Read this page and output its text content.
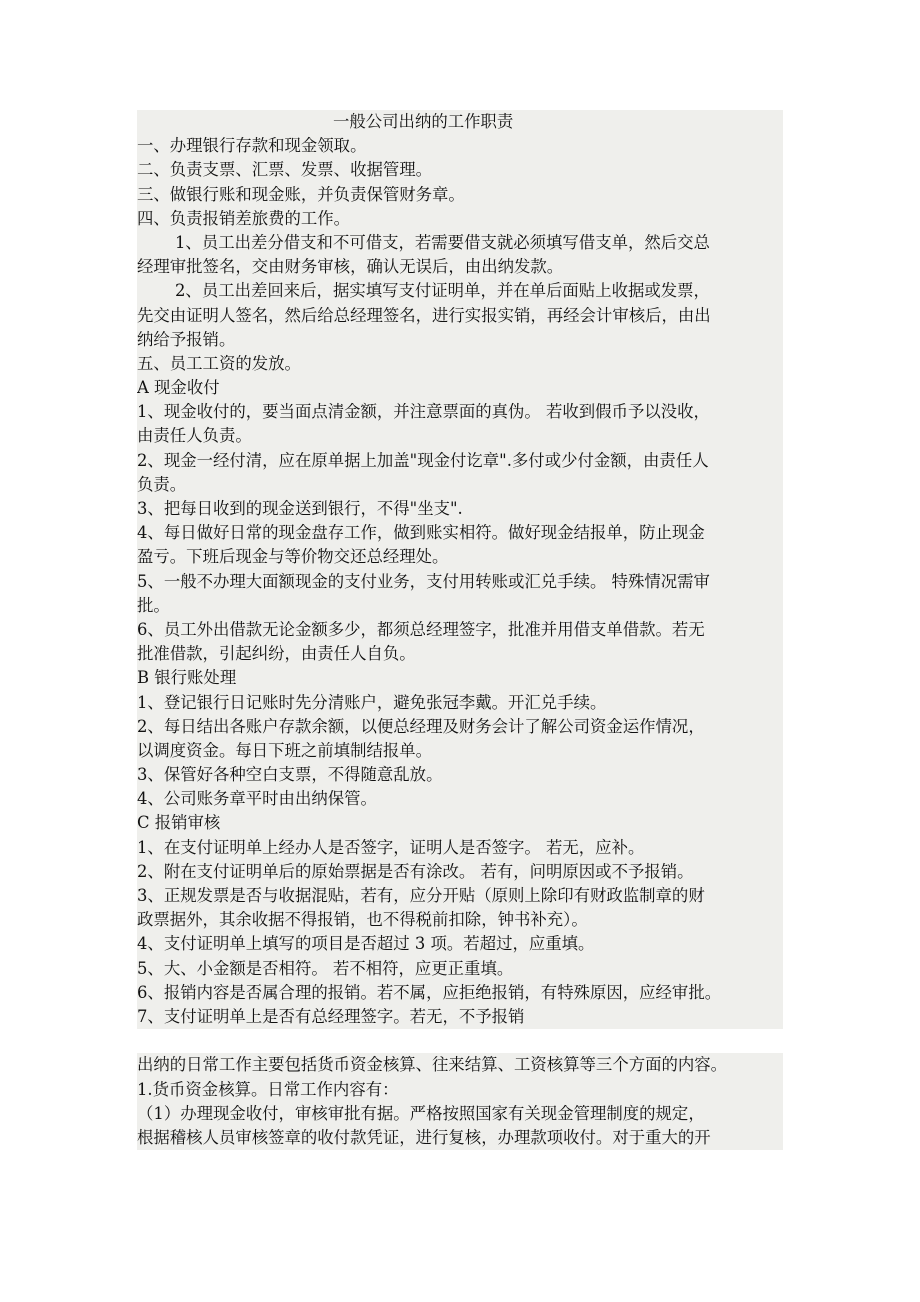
一般公司出纳的工作职责
一、办理银行存款和现金领取。
二、负责支票、汇票、发票、收据管理。
三、做银行账和现金账，并负责保管财务章。
四、负责报销差旅费的工作。
1、员工出差分借支和不可借支，若需要借支就必须填写借支单，然后交总
经理审批签名，交由财务审核，确认无误后，由出纳发款。
2、员工出差回来后，据实填写支付证明单，并在单后面贴上收据或发票，
先交由证明人签名，然后给总经理签名，进行实报实销，再经会计审核后，由出
纳给予报销。
五、员工工资的发放。
A 现金收付
1、现金收付的，要当面点清金额，并注意票面的真伪。 若收到假币予以没收，
由责任人负责。
2、现金一经付清，应在原单据上加盖"现金付讫章".多付或少付金额，由责任人
负责。
3、把每日收到的现金送到银行，不得"坐支".
4、每日做好日常的现金盘存工作，做到账实相符。做好现金结报单，防止现金
盈亏。下班后现金与等价物交还总经理处。
5、一般不办理大面额现金的支付业务，支付用转账或汇兑手续。 特殊情况需审
批。
6、员工外出借款无论金额多少，都须总经理签字，批准并用借支单借款。若无
批准借款，引起纠纷，由责任人自负。
B 银行账处理
1、登记银行日记账时先分清账户，避免张冠李戴。开汇兑手续。
2、每日结出各账户存款余额，以便总经理及财务会计了解公司资金运作情况，
以调度资金。每日下班之前填制结报单。
3、保管好各种空白支票，不得随意乱放。
4、公司账务章平时由出纳保管。
C 报销审核
1、在支付证明单上经办人是否签字，证明人是否签字。 若无，应补。
2、附在支付证明单后的原始票据是否有涂改。 若有，问明原因或不予报销。
3、正规发票是否与收据混贴，若有，应分开贴（原则上除印有财政监制章的财
政票据外，其余收据不得报销，也不得税前扣除，钟书补充）。
4、支付证明单上填写的项目是否超过 3 项。若超过，应重填。
5、大、小金额是否相符。 若不相符，应更正重填。
6、报销内容是否属合理的报销。若不属，应拒绝报销，有特殊原因，应经审批。
7、支付证明单上是否有总经理签字。若无，不予报销
出纳的日常工作主要包括货币资金核算、往来结算、工资核算等三个方面的内容。
1.货币资金核算。日常工作内容有：
（1）办理现金收付，审核审批有据。严格按照国家有关现金管理制度的规定，
根据稽核人员审核签章的收付款凭证，进行复核，办理款项收付。对于重大的开
